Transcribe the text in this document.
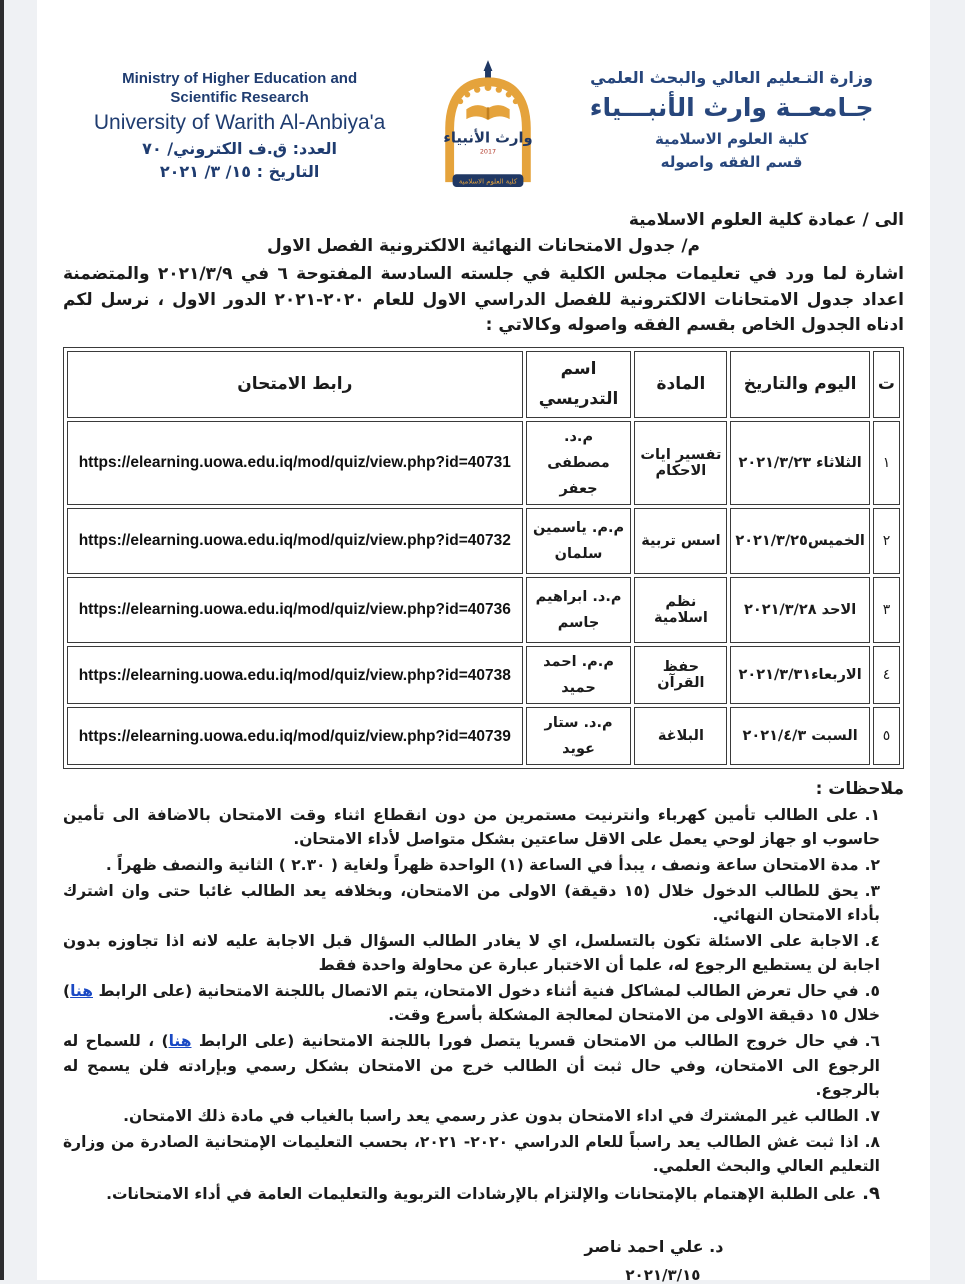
Ministry of Higher Education and
Scientific Research
University of Warith Al-Anbiya'a
العدد: ق.ف الكتروني/ ٧٠
التاريخ : ١٥/ ٣/ ٢٠٢١
وارث الأنبياء
2017
كلية العلوم الاسلامية
وزارة التـعليم العالي والبحث العلمي
جـامعــة وارث الأنبـــياء
كلية العلوم الاسلامية
قسم الفقه واصوله
الى / عمادة كلية العلوم الاسلامية
م/ جدول الامتحانات النهائية الالكترونية الفصل الاول
اشارة لما ورد في تعليمات مجلس الكلية في جلسته السادسة المفتوحة ٦ في ٢٠٢١/٣/٩ والمتضمنة اعداد جدول الامتحانات الالكترونية للفصل الدراسي الاول للعام ٢٠٢٠-٢٠٢١ الدور الاول ، نرسل لكم ادناه الجدول الخاص بقسم الفقه واصوله وكالاتي :
ت	اليوم والتاريخ	المادة	اسم التدريسي	رابط الامتحان
١	الثلاثاء ٢٠٢١/٣/٢٣	تفسير ايات الاحكام	م.د. مصطفى جعفر	https://elearning.uowa.edu.iq/mod/quiz/view.php?id=40731
٢	الخميس٢٠٢١/٣/٢٥	اسس تربية	م.م. ياسمين سلمان	https://elearning.uowa.edu.iq/mod/quiz/view.php?id=40732
٣	الاحد ٢٠٢١/٣/٢٨	نظم اسلامية	م.د. ابراهيم جاسم	https://elearning.uowa.edu.iq/mod/quiz/view.php?id=40736
٤	الاربعاء٢٠٢١/٣/٣١	حفظ القرآن	م.م. احمد حميد	https://elearning.uowa.edu.iq/mod/quiz/view.php?id=40738
٥	السبت ٢٠٢١/٤/٣	البلاغة	م.د. ستار عويد	https://elearning.uowa.edu.iq/mod/quiz/view.php?id=40739
ملاحظات :
١.على الطالب تأمين كهرباء وانترنيت مستمرين من دون انقطاع اثناء وقت الامتحان بالاضافة الى تأمين حاسوب او جهاز لوحي يعمل على الاقل ساعتين بشكل متواصل لأداء الامتحان.
٢.مدة الامتحان ساعة ونصف ، يبدأ في الساعة (١) الواحدة ظهراً ولغاية ( ٢.٣٠ ) الثانية والنصف ظهراً .
٣.يحق للطالب الدخول خلال (١٥ دقيقة) الاولى من الامتحان، وبخلافه يعد الطالب غائبا حتى وان اشترك بأداء الامتحان النهائي.
٤.الاجابة على الاسئلة تكون بالتسلسل، اي لا يغادر الطالب السؤال قبل الاجابة عليه لانه اذا تجاوزه بدون اجابة لن يستطيع الرجوع له، علما أن الاختبار عبارة عن محاولة واحدة فقط
٥.في حال تعرض الطالب لمشاكل فنية أثناء دخول الامتحان، يتم الاتصال باللجنة الامتحانية (على الرابط هنا) خلال ١٥ دقيقة الاولى من الامتحان لمعالجة المشكلة بأسرع وقت.
٦.في حال خروج الطالب من الامتحان قسريا يتصل فورا باللجنة الامتحانية (على الرابط هنا) ، للسماح له الرجوع الى الامتحان، وفي حال ثبت أن الطالب خرج من الامتحان بشكل رسمي وبإرادته فلن يسمح له بالرجوع.
٧.الطالب غير المشترك في اداء الامتحان بدون عذر رسمي يعد راسبا بالغياب في مادة ذلك الامتحان.
٨.اذا ثبت غش الطالب يعد راسباً للعام الدراسي ٢٠٢٠- ٢٠٢١، بحسب التعليمات الإمتحانية الصادرة من وزارة التعليم العالي والبحث العلمي.
٩.على الطلبة الإهتمام بالإمتحانات والإلتزام بالإرشادات التربوية والتعليمات العامة في أداء الامتحانات.
د. علي احمد ناصر
٢٠٢١/٣/١٥
